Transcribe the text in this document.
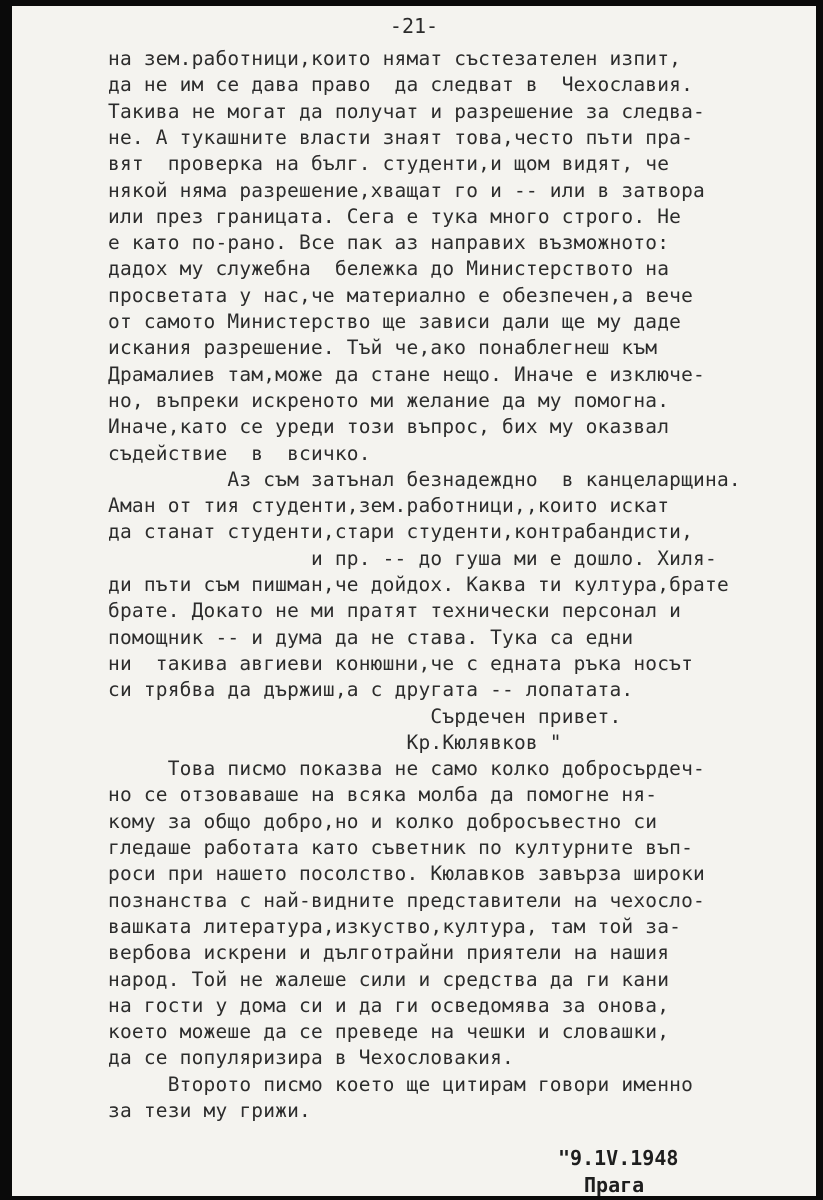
-21-
на зем.работници,които нямат състезателен изпит,
да не им се дава право  да следват в  Чехославия.
Такива не могат да получат и разрешение за следва-
не. А тукашните власти знаят това,често пъти пра-
вят  проверка на бълг. студенти,и щом видят, че
някой няма разрешение,хващат го и -- или в затвора
или през границата. Сега е тука много строго. Не
е като по-рано. Все пак аз направих възможното:
дадох му служебна  бележка до Министерството на
просветата у нас,че материално е обезпечен,а вече
от самото Министерство ще зависи дали ще му даде
искания разрешение. Тъй че,ако понаблегнеш към
Драмалиев там,може да стане нещо. Иначе е изключе-
но, въпреки искреното ми желание да му помогна.
Иначе,като се уреди този въпрос, бих му оказвал
съдействие  в  всичко.
Аз съм затънал безнадеждно  в канцеларщина.
Аман от тия студенти,зем.работници,,които искат
да станат студенти,стари студенти,контрабандисти,
и пр. -- до гуша ми е дошло. Хиля-
ди пъти съм пишман,че дойдох. Каква ти култура,брате
брате. Докато не ми пратят технически персонал и
помощник -- и дума да не става. Тука са едни
ни  такива авгиеви конюшни,че с едната ръка носът
си трябва да държиш,а с другата -- лопатата.
Сърдечен привет.
Кр.Кюлявков "
Това писмо показва не само колко добросърдеч-
но се отзоваваше на всяка молба да помогне ня-
кому за общо добро,но и колко добросъвестно си
гледаше работата като съветник по културните въп-
роси при нашето посолство. Кюлавков завърза широки
познанства с най-видните представители на чехосло-
вашката литература,изкуство,култура, там той за-
вербова искрени и дълготрайни приятели на нашия
народ. Той не жалеше сили и средства да ги кани
на гости у дома си и да ги осведомява за онова,
което можеше да се преведе на чешки и словашки,
да се популяризира в Чехословакия.
Второто писмо което ще цитирам говори именно
за тези му грижи.
"9.1V.1948
Прага
